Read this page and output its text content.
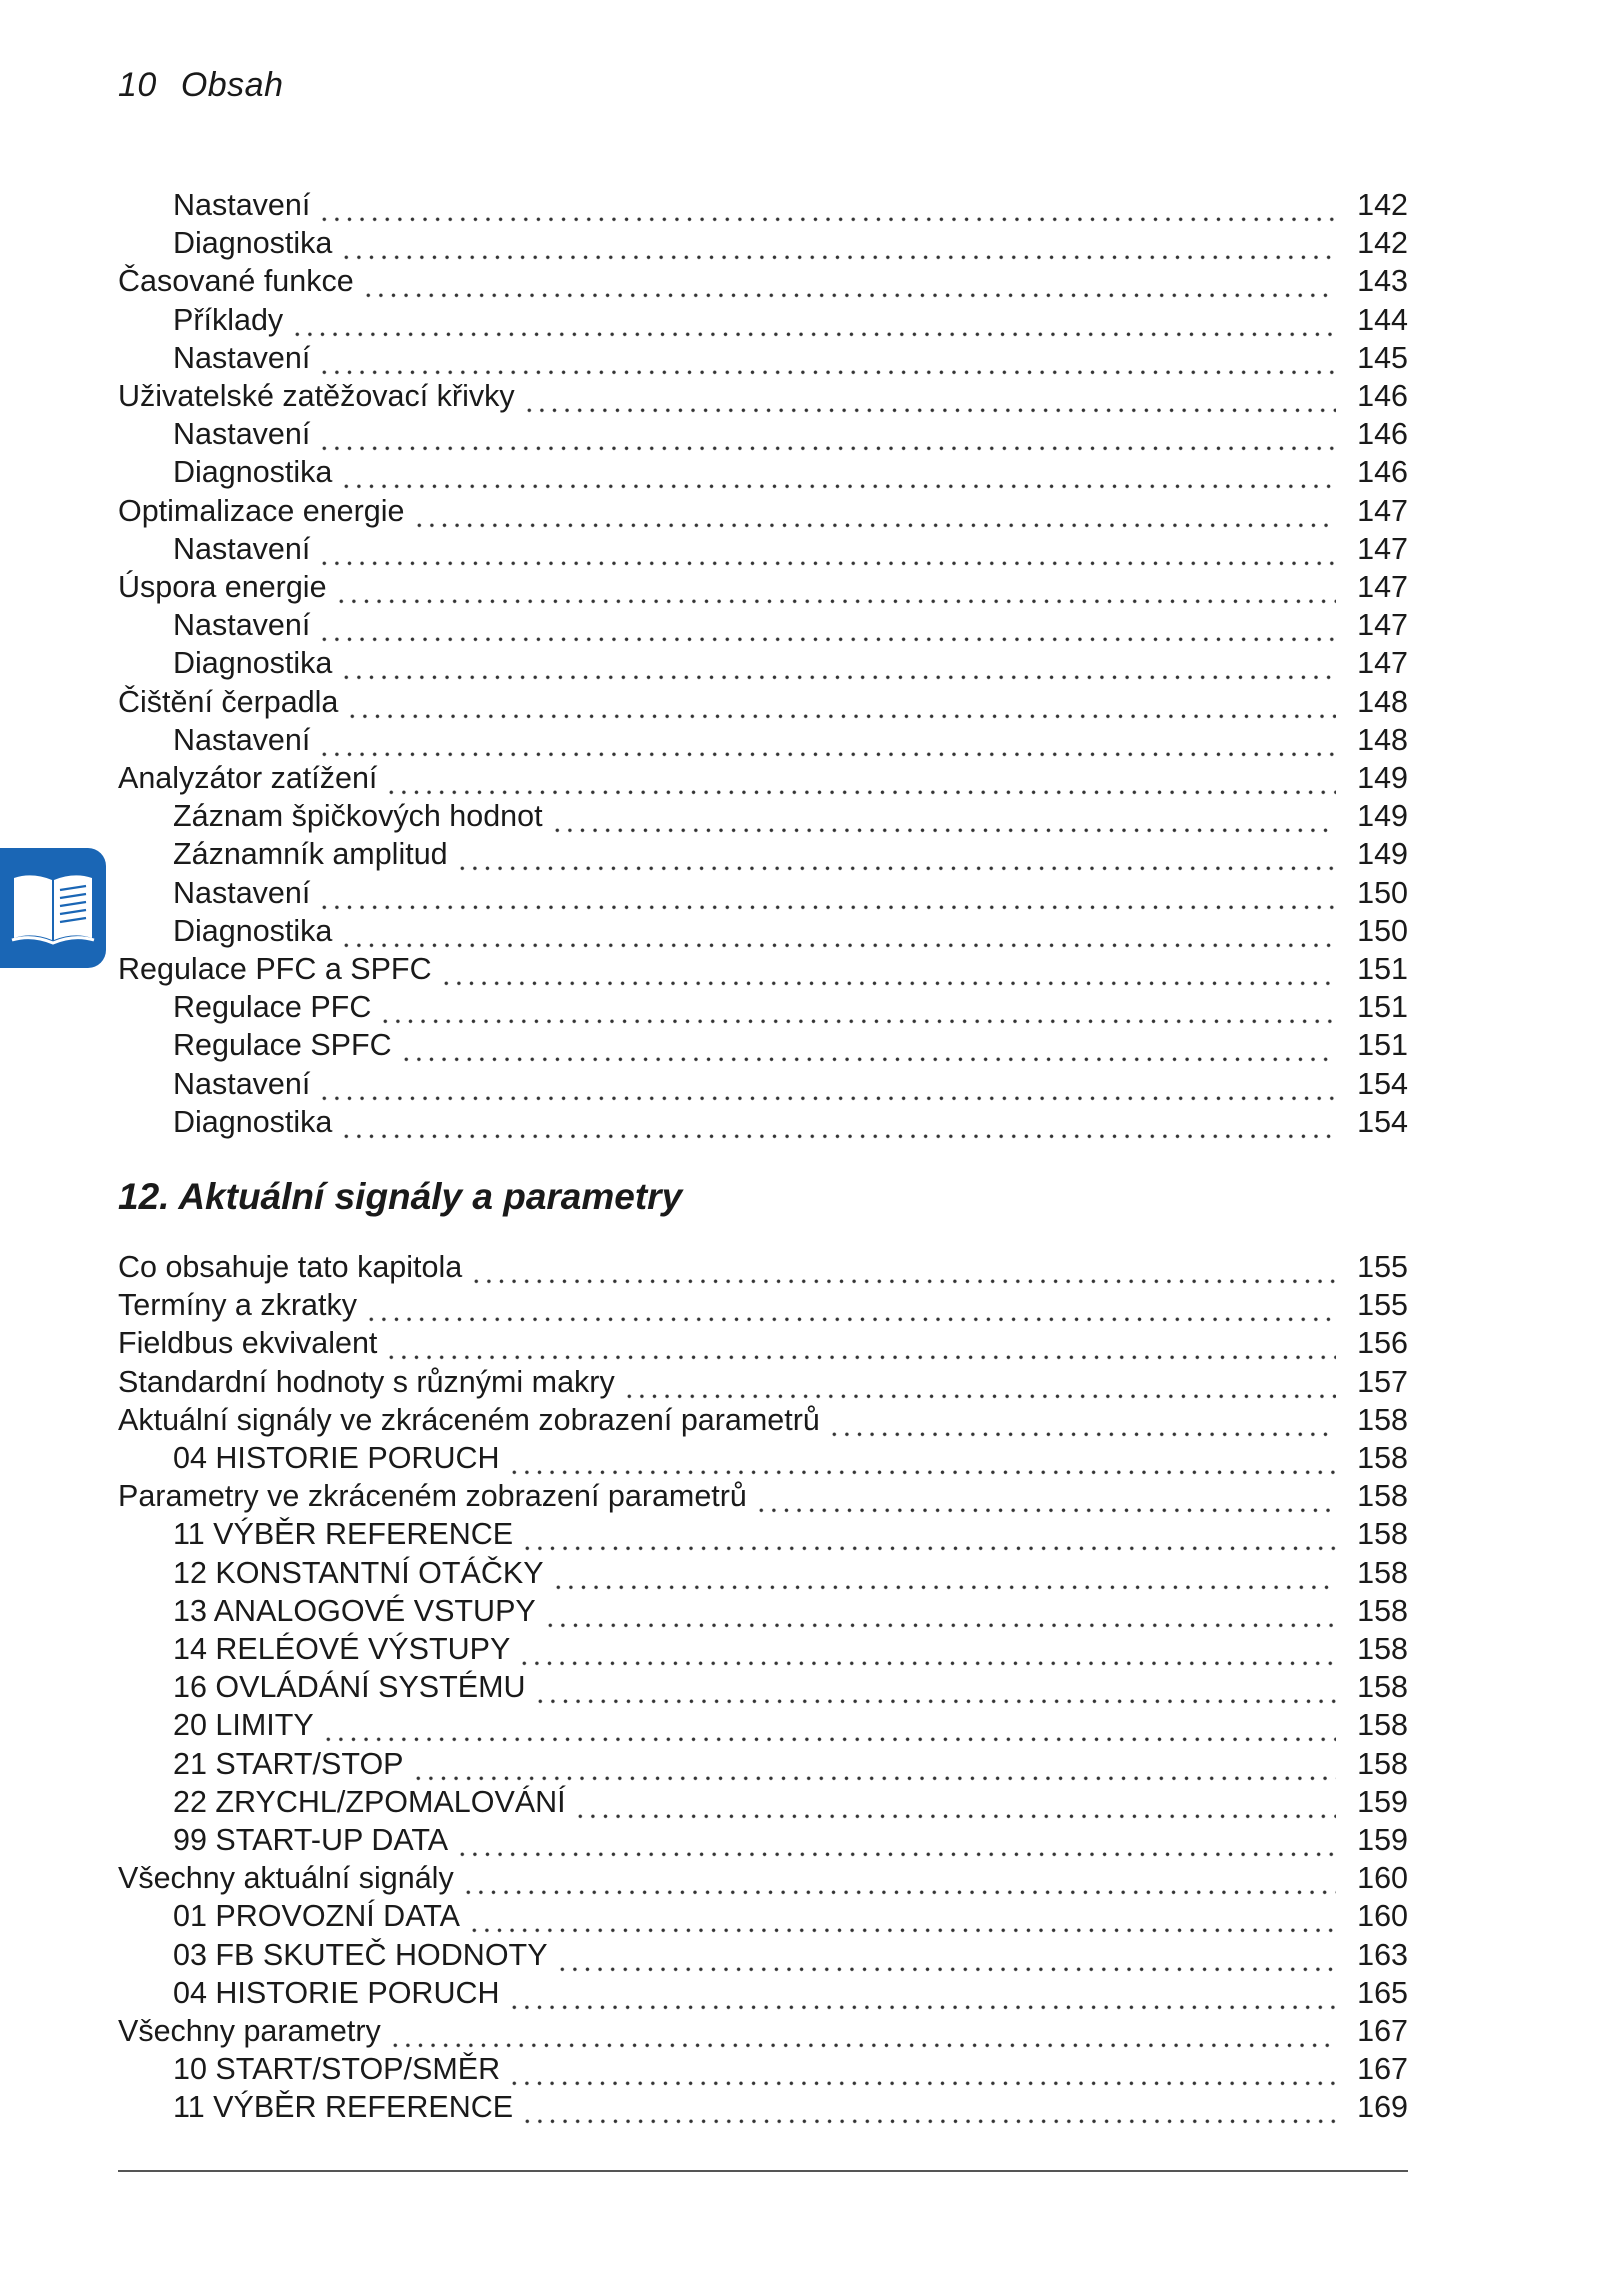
10 Obsah
Nastavení	142
Diagnostika	142
Časované funkce	143
Příklady	144
Nastavení	145
Uživatelské zatěžovací křivky	146
Nastavení	146
Diagnostika	146
Optimalizace energie	147
Nastavení	147
Úspora energie	147
Nastavení	147
Diagnostika	147
Čištění čerpadla	148
Nastavení	148
Analyzátor zatížení	149
Záznam špičkových hodnot	149
Záznamník amplitud	149
Nastavení	150
Diagnostika	150
Regulace PFC a SPFC	151
Regulace PFC	151
Regulace SPFC	151
Nastavení	154
Diagnostika	154
12. Aktuální signály a parametry
Co obsahuje tato kapitola	155
Termíny a zkratky	155
Fieldbus ekvivalent	156
Standardní hodnoty s různými makry	157
Aktuální signály ve zkráceném zobrazení parametrů	158
04 HISTORIE PORUCH	158
Parametry ve zkráceném zobrazení parametrů	158
11 VÝBĚR REFERENCE	158
12 KONSTANTNÍ OTÁČKY	158
13 ANALOGOVÉ VSTUPY	158
14 RELÉOVÉ VÝSTUPY	158
16 OVLÁDÁNÍ SYSTÉMU	158
20 LIMITY	158
21 START/STOP	158
22 ZRYCHL/ZPOMALOVÁNÍ	159
99 START-UP DATA	159
Všechny aktuální signály	160
01 PROVOZNÍ DATA	160
03 FB SKUTEČ HODNOTY	163
04 HISTORIE PORUCH	165
Všechny parametry	167
10 START/STOP/SMĚR	167
11 VÝBĚR REFERENCE	169
